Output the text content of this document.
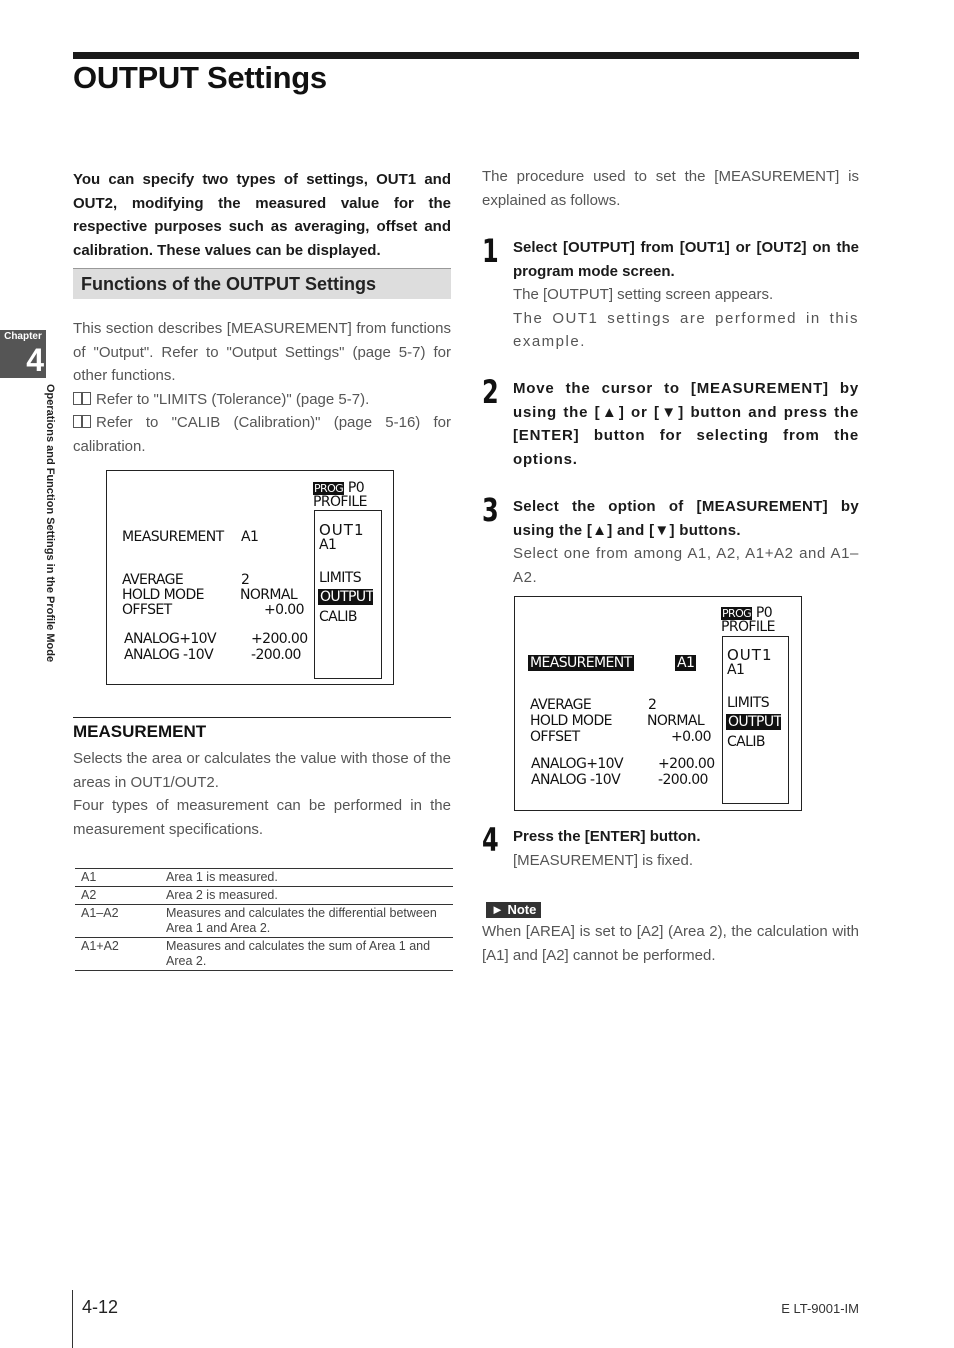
OUTPUT Settings
Chapter
4
Operations and Function Settings in the Profile Mode

You can specify two types of settings, OUT1 and OUT2, modifying the measured value for the respective purposes such as averaging, offset and calibration. These values can be displayed.

Functions of the OUTPUT Settings

This section describes [MEASUREMENT] from functions of "Output". Refer to "Output Settings" (page 5-7) for other functions.

Refer to "LIMITS (Tolerance)" (page 5-7).

Refer to "CALIB (Calibration)" (page 5-16) for calibration.

PROG P0
PROFILE
OUT1
A1
LIMITS
OUTPUT
CALIB
MEASUREMENT A1
AVERAGE	2
HOLD MODE	NORMAL
OFFSET	+0.00
ANALOG+10V	+200.00
ANALOG -10V	-200.00
MEASUREMENT

Selects the area or calculates the value with those of the areas in OUT1/OUT2.

Four types of measurement can be performed in the measurement specifications.

A1	Area 1 is measured.
A2	Area 2 is measured.
A1–A2	Measures and calculates the differential between Area 1 and Area 2.
A1+A2	Measures and calculates the sum of Area 1 and Area 2.

The procedure used to set the [MEASUREMENT] is explained as follows.

1 Select [OUTPUT] from [OUT1] or [OUT2] on the program mode screen.

The [OUTPUT] setting screen appears.

The OUT1 settings are performed in this example.

2 Move the cursor to [MEASUREMENT] by using the [▲] or [▼] button and press the [ENTER] button for selecting from the options.

3 Select the option of [MEASUREMENT] by using the [▲] and [▼] buttons.

Select one from among A1, A2, A1+A2 and A1–A2.

PROG P0
PROFILE
OUT1
A1
LIMITS
OUTPUT
CALIB
MEASUREMENT	A1
AVERAGE	2
HOLD MODE	NORMAL
OFFSET	+0.00
ANALOG+10V	+200.00
ANALOG -10V	-200.00
4 Press the [ENTER] button.

[MEASUREMENT] is fixed.

► Note

When [AREA] is set to [A2] (Area 2), the calculation with [A1] and [A2] cannot be performed.

4-12	E LT-9001-IM
